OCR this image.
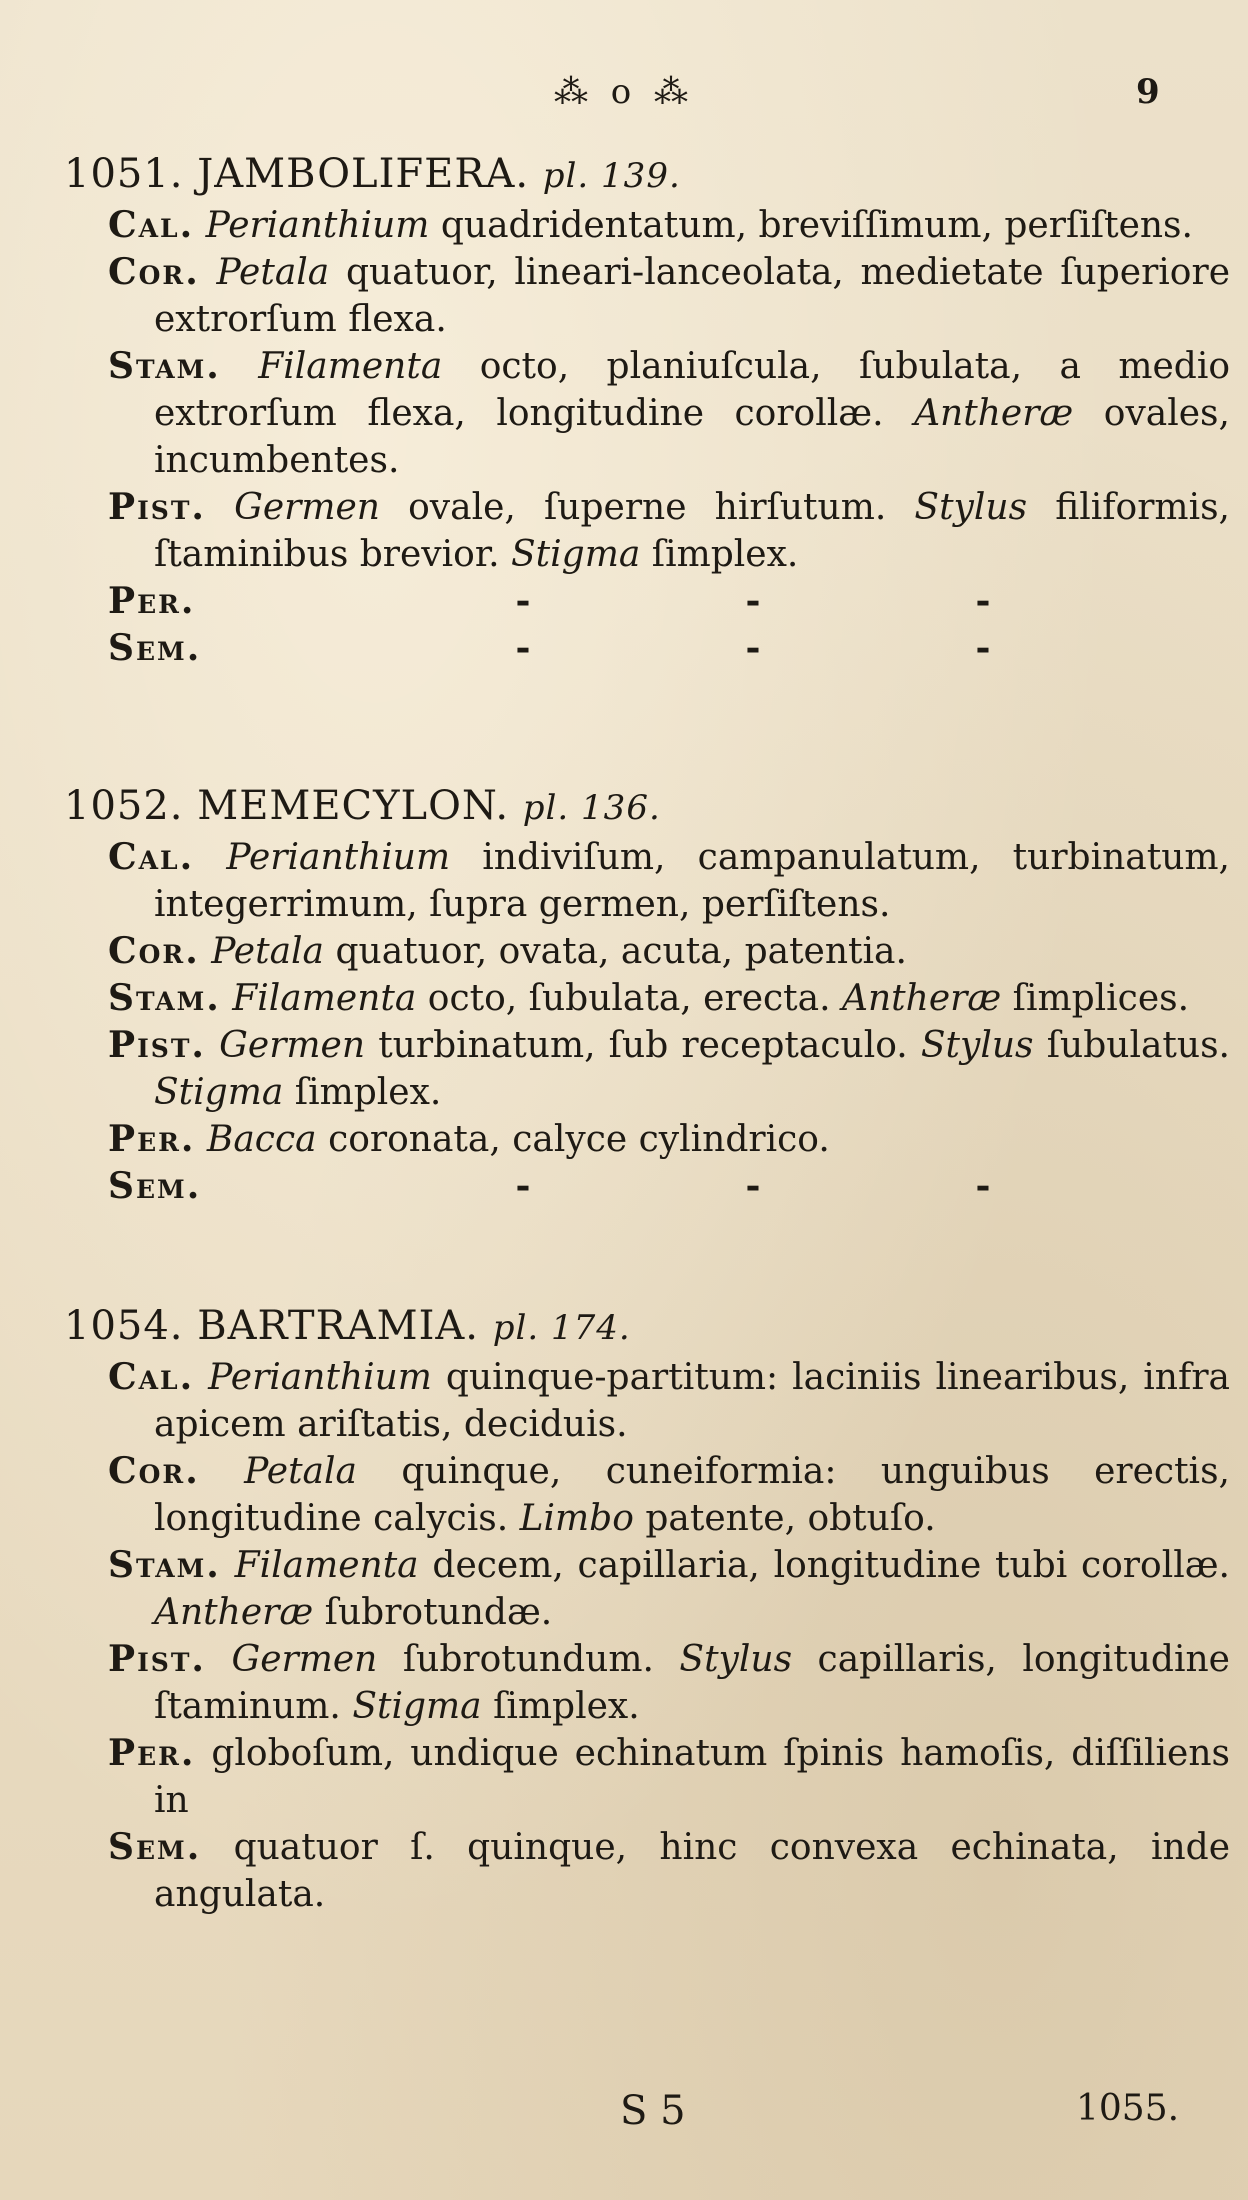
⁂ o ⁂	9
1051. JAMBOLIFERA. pl. 139.
Cal. Perianthium quadridentatum, breviſſimum, perſiſtens.
Cor. Petala quatuor, lineari-lanceolata, medietate ſuperiore extrorſum flexa.
Stam. Filamenta octo, planiuſcula, ſubulata, a medio extrorſum flexa, longitudine corollæ. Antheræ ovales, incumbentes.
Pist. Germen ovale, ſuperne hirſutum. Stylus filiformis, ſtaminibus brevior. Stigma ſimplex.
Per.	-	-	-
Sem.	-	-	-
1052. MEMECYLON. pl. 136.
Cal. Perianthium indiviſum, campanulatum, turbinatum, integerrimum, ſupra germen, perſiſtens.
Cor. Petala quatuor, ovata, acuta, patentia.
Stam. Filamenta octo, ſubulata, erecta. Antheræ ſimplices.
Pist. Germen turbinatum, ſub receptaculo. Stylus ſubulatus. Stigma ſimplex.
Per. Bacca coronata, calyce cylindrico.
Sem.	-	-	-
1054. BARTRAMIA. pl. 174.
Cal. Perianthium quinque-partitum: laciniis linearibus, infra apicem ariſtatis, deciduis.
Cor. Petala quinque, cuneiformia: unguibus erectis, longitudine calycis. Limbo patente, obtuſo.
Stam. Filamenta decem, capillaria, longitudine tubi corollæ. Antheræ ſubrotundæ.
Pist. Germen ſubrotundum. Stylus capillaris, longitudine ſtaminum. Stigma ſimplex.
Per. globoſum, undique echinatum ſpinis hamoſis, diſſiliens in
Sem. quatuor ſ. quinque, hinc convexa echinata, inde angulata.
S 5	1055.
